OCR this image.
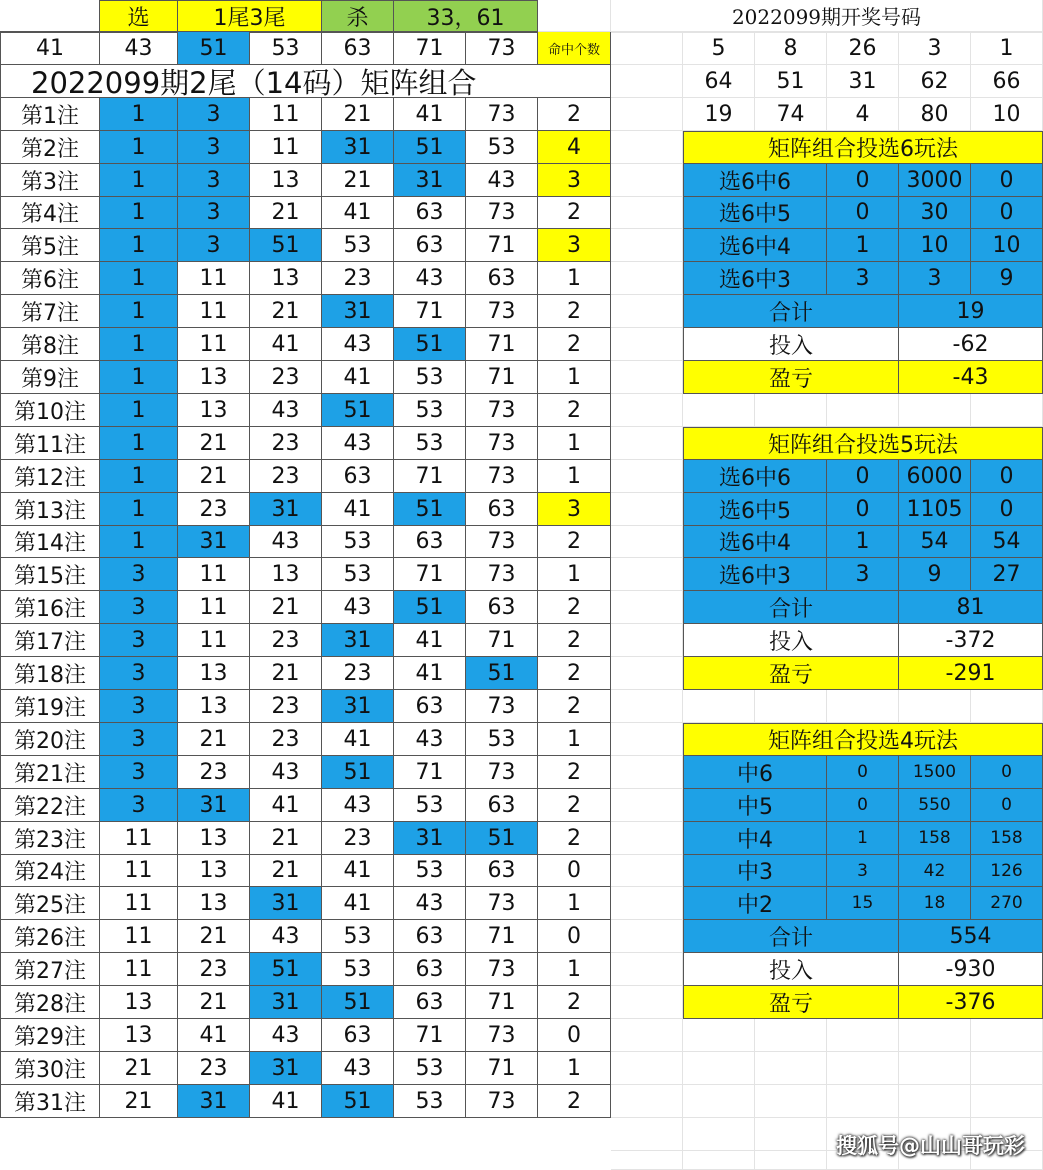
选	1尾3尾	杀	33，61	2022099期开奖号码
41	43	51	53	63	71	73	命中个数
2022099期2尾（14码）矩阵组合
第1注	1	3	11	21	41	73	2
第2注	1	3	11	31	51	53	4
第3注	1	3	13	21	31	43	3
第4注	1	3	21	41	63	73	2
第5注	1	3	51	53	63	71	3
第6注	1	11	13	23	43	63	1
第7注	1	11	21	31	71	73	2
第8注	1	11	41	43	51	71	2
第9注	1	13	23	41	53	71	1
第10注	1	13	43	51	53	73	2
第11注	1	21	23	43	53	73	1
第12注	1	21	23	63	71	73	1
第13注	1	23	31	41	51	63	3
第14注	1	31	43	53	63	73	2
第15注	3	11	13	53	71	73	1
第16注	3	11	21	43	51	63	2
第17注	3	11	23	31	41	71	2
第18注	3	13	21	23	41	51	2
第19注	3	13	23	31	63	73	2
第20注	3	21	23	41	43	53	1
第21注	3	23	43	51	71	73	2
第22注	3	31	41	43	53	63	2
第23注	11	13	21	23	31	51	2
第24注	11	13	21	41	53	63	0
第25注	11	13	31	41	43	73	1
第26注	11	21	43	53	63	71	0
第27注	11	23	51	53	63	73	1
第28注	13	21	31	51	63	71	2
第29注	13	41	43	63	71	73	0
第30注	21	23	31	43	53	71	1
第31注	21	31	41	51	53	73	2
5	8	26	3	1
64	51	31	62	66
19	74	4	80	10
矩阵组合投选6玩法
选6中6	0	3000	0
选6中5	0	30	0
选6中4	1	10	10
选6中3	3	3	9
合计	19
投入	-62
盈亏	-43
矩阵组合投选5玩法
选6中6	0	6000	0
选6中5	0	1105	0
选6中4	1	54	54
选6中3	3	9	27
合计	81
投入	-372
盈亏	-291
矩阵组合投选4玩法
中6	0	1500	0
中5	0	550	0
中4	1	158	158
中3	3	42	126
中2	15	18	270
合计	554
投入	-930
盈亏	-376
搜狐号@山山哥玩彩
